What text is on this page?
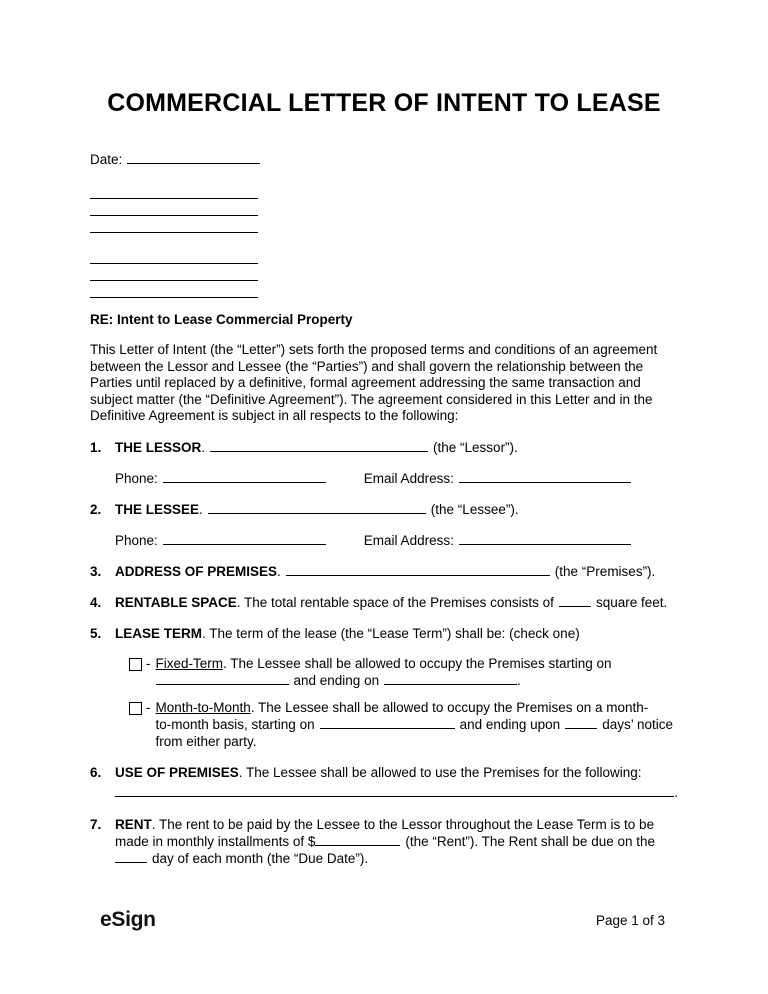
COMMERCIAL LETTER OF INTENT TO LEASE
Date:
RE: Intent to Lease Commercial Property

This Letter of Intent (the “Letter”) sets forth the proposed terms and conditions of an agreement between the Lessor and Lessee (the “Parties”) and shall govern the relationship between the Parties until replaced by a definitive, formal agreement addressing the same transaction and subject matter (the “Definitive Agreement”). The agreement considered in this Letter and in the Definitive Agreement is subject in all respects to the following:

1.	THE LESSOR.	(the “Lessor”).
Phone:	Email Address:
2.	THE LESSEE.	(the “Lessee”).
Phone:	Email Address:
3.	ADDRESS OF PREMISES.	(the “Premises”).
4.	RENTABLE SPACE. The total rentable space of the Premises consists of	square feet.
5.	LEASE TERM. The term of the lease (the “Lease Term”) shall be: (check one)
- Fixed-Term. The Lessee shall be allowed to occupy the Premises starting on
and ending on	.
- Month-to-Month. The Lessee shall be allowed to occupy the Premises on a month-
to-month basis, starting on	and ending upon	days’ notice
from either party.
6.	USE OF PREMISES. The Lessee shall be allowed to use the Premises for the following:
.
7.	RENT. The rent to be paid by the Lessee to the Lessor throughout the Lease Term is to be
made in monthly installments of $	(the “Rent”). The Rent shall be due on the
day of each month (the “Due Date”).
eSign	Page 1 of 3
